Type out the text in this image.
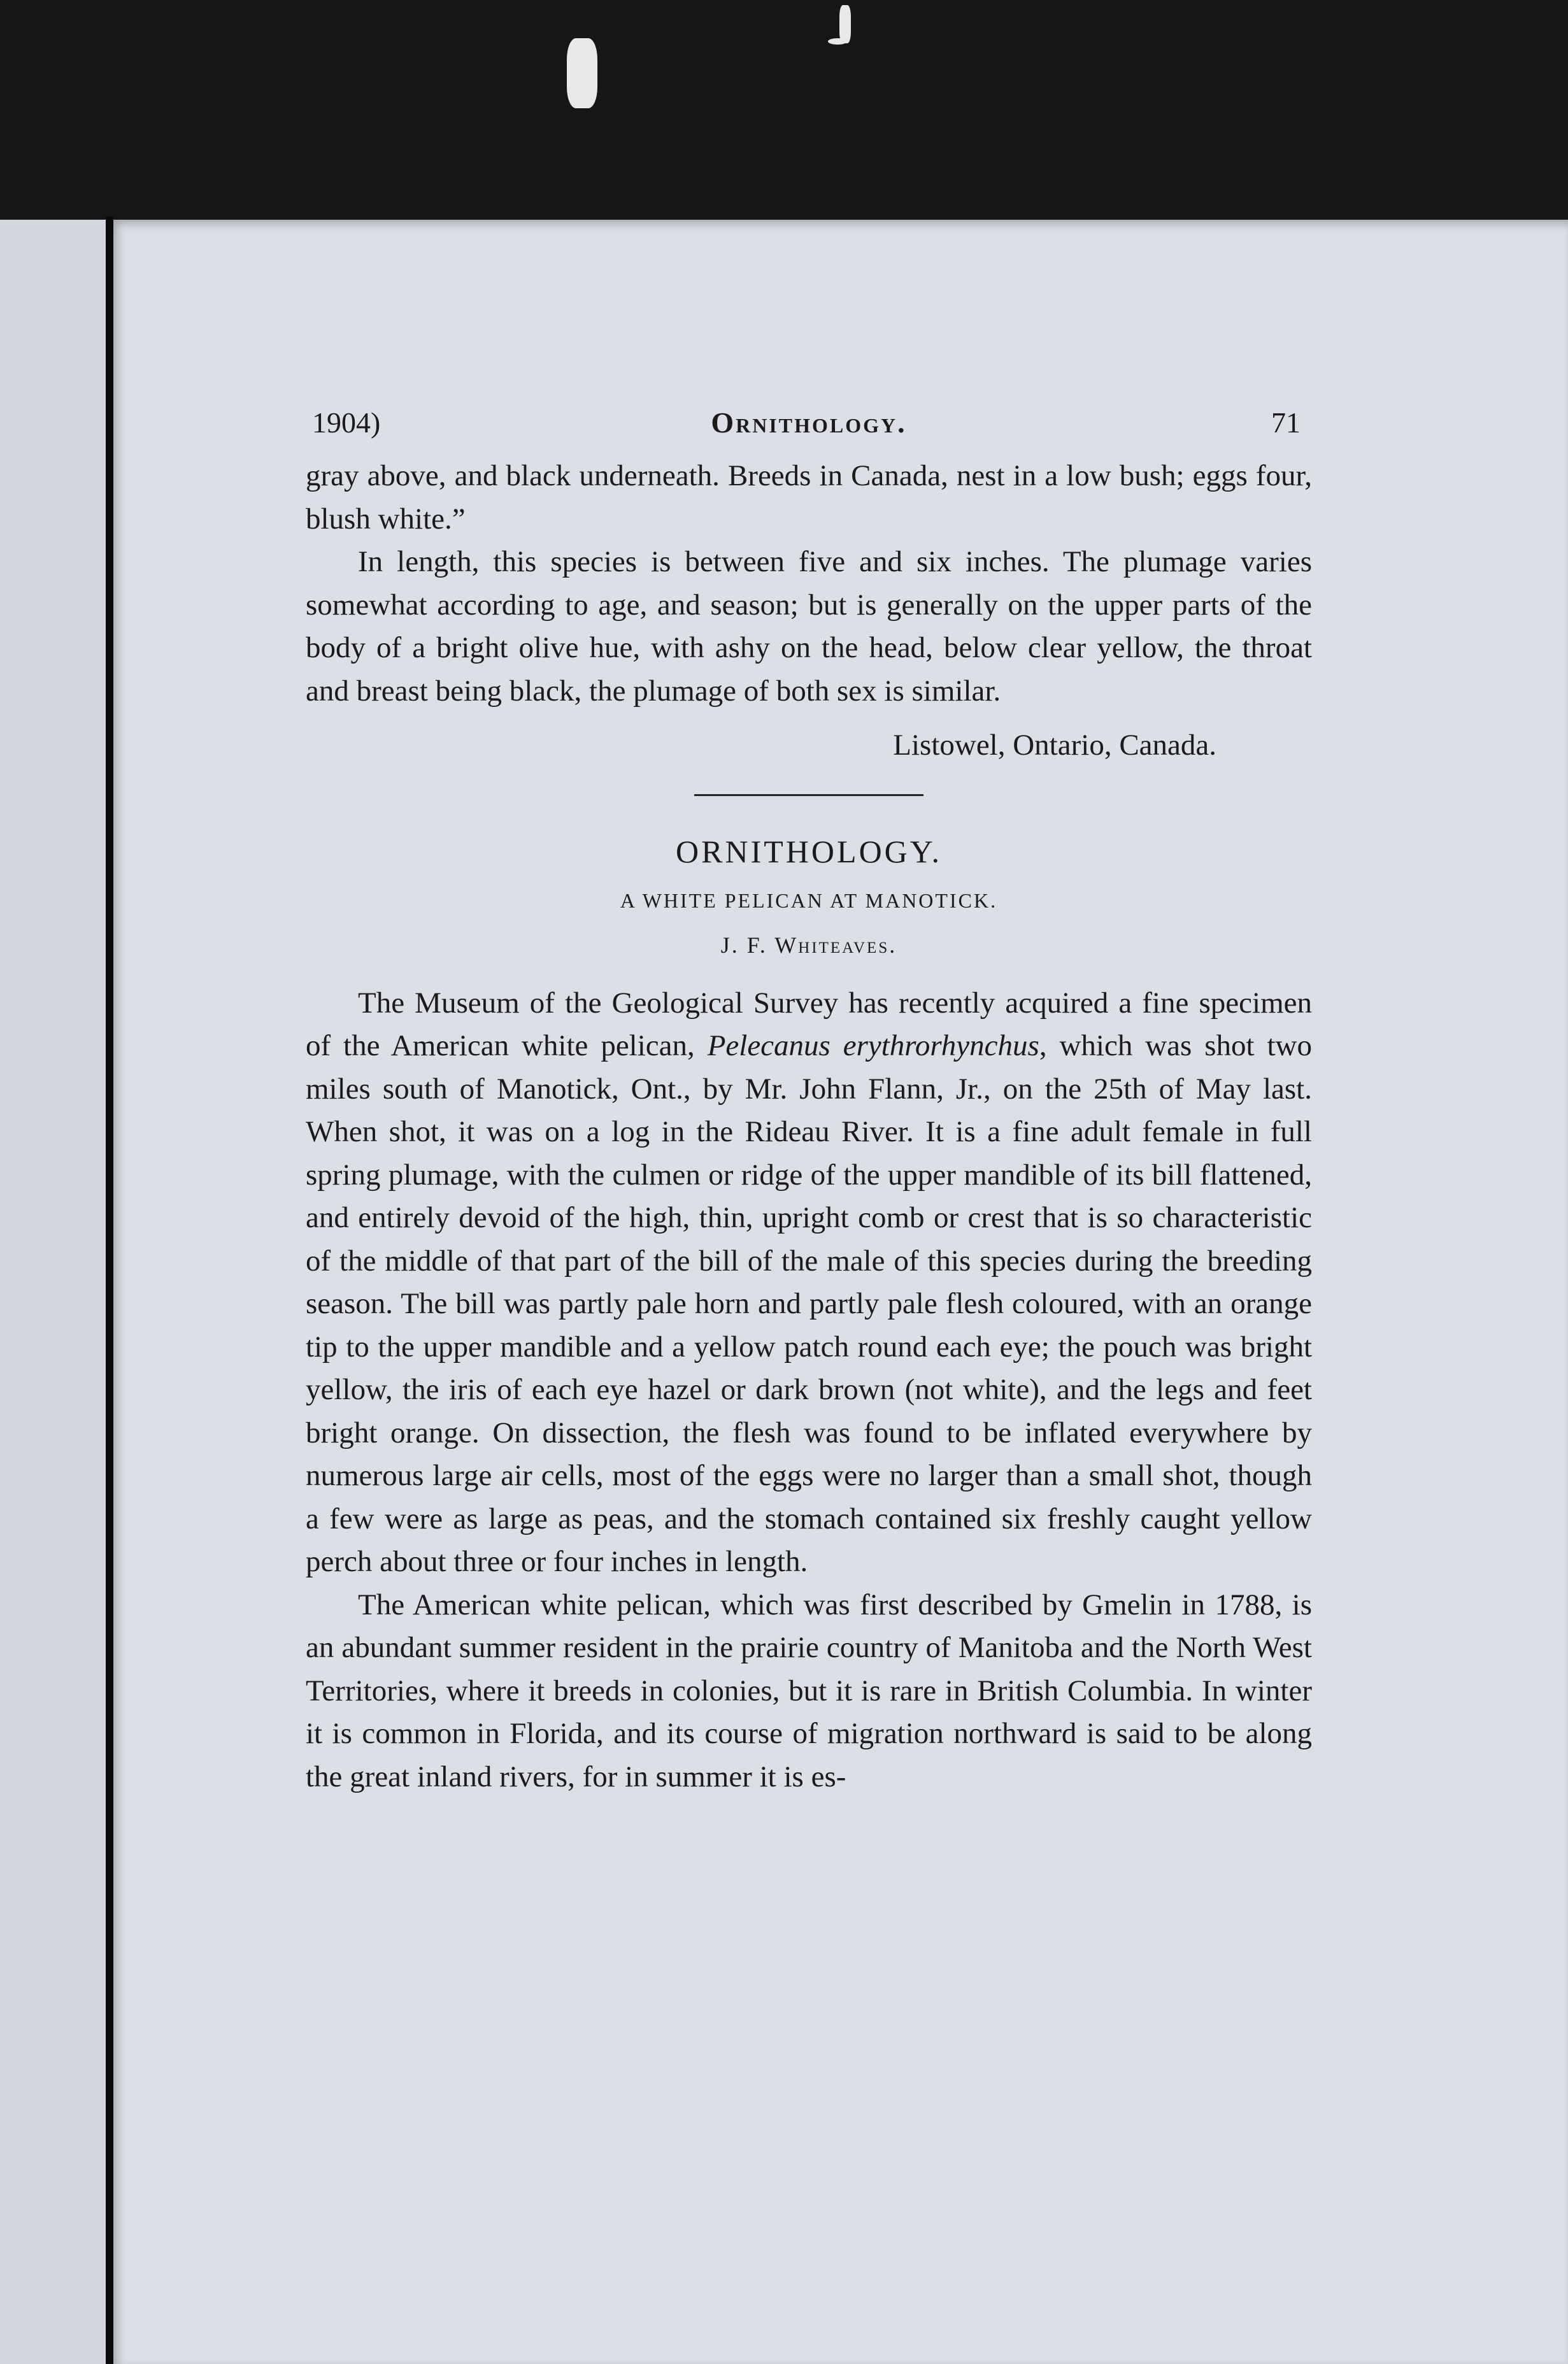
1904)	Ornithology.	71

gray above, and black underneath. Breeds in Canada, nest in a low bush; eggs four, blush white.”

In length, this species is between five and six inches. The plumage varies somewhat according to age, and season; but is generally on the upper parts of the body of a bright olive hue, with ashy on the head, below clear yellow, the throat and breast being black, the plumage of both sex is similar.

Listowel, Ontario, Canada.
ORNITHOLOGY.
A WHITE PELICAN AT MANOTICK.
J. F. Whiteaves.

The Museum of the Geological Survey has recently acquired a fine specimen of the American white pelican, Pelecanus erythrorhynchus, which was shot two miles south of Manotick, Ont., by Mr. John Flann, Jr., on the 25th of May last. When shot, it was on a log in the Rideau River. It is a fine adult female in full spring plumage, with the culmen or ridge of the upper mandible of its bill flattened, and entirely devoid of the high, thin, upright comb or crest that is so characteristic of the middle of that part of the bill of the male of this species during the breeding season. The bill was partly pale horn and partly pale flesh coloured, with an orange tip to the upper mandible and a yellow patch round each eye; the pouch was bright yellow, the iris of each eye hazel or dark brown (not white), and the legs and feet bright orange. On dissection, the flesh was found to be inflated everywhere by numerous large air cells, most of the eggs were no larger than a small shot, though a few were as large as peas, and the stomach contained six freshly caught yellow perch about three or four inches in length.

The American white pelican, which was first described by Gmelin in 1788, is an abundant summer resident in the prairie country of Manitoba and the North West Territories, where it breeds in colonies, but it is rare in British Columbia. In winter it is common in Florida, and its course of migration northward is said to be along the great inland rivers, for in summer it is es-
